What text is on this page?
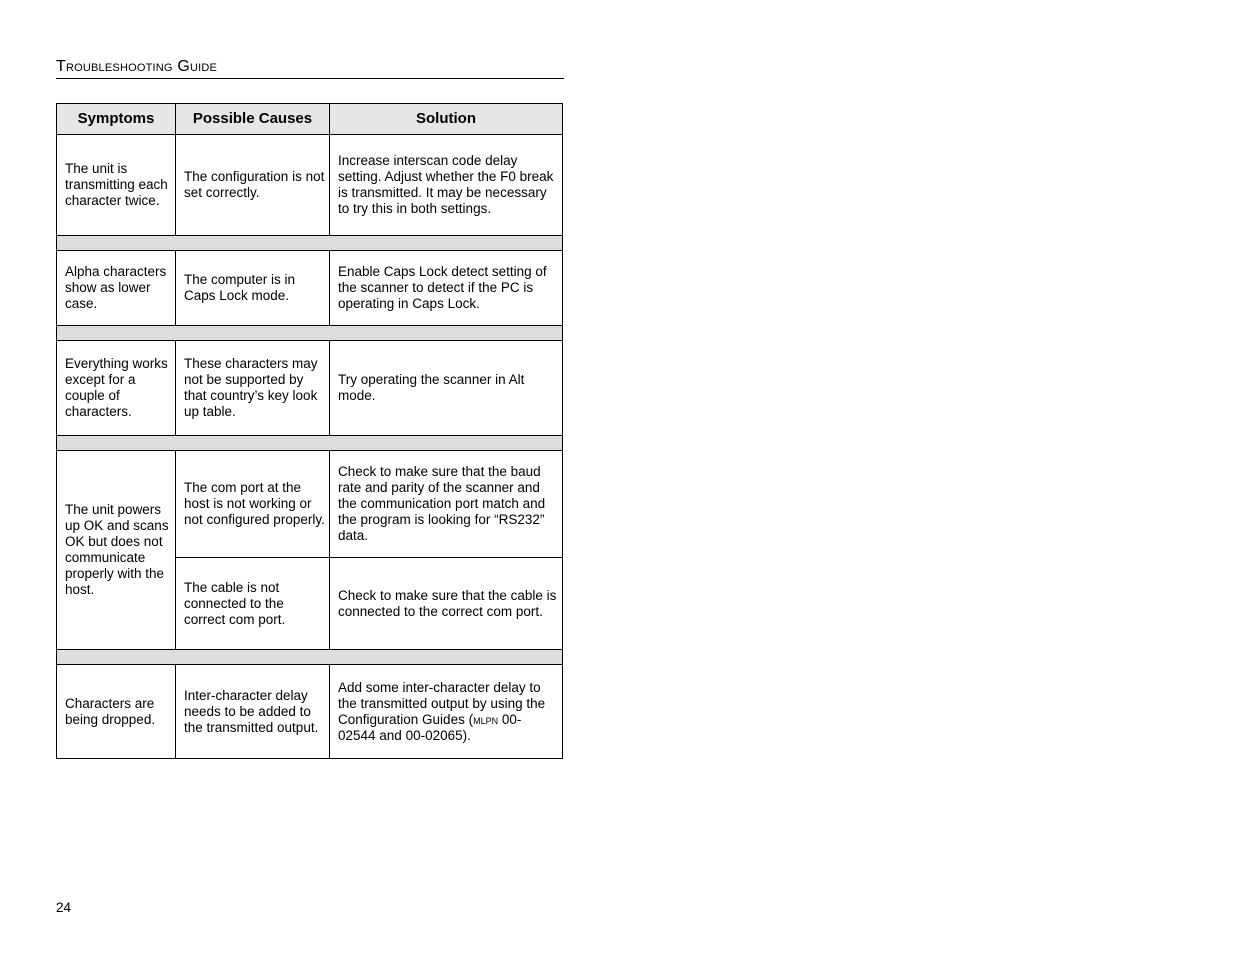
Troubleshooting Guide
Symptoms	Possible Causes	Solution
The unit is transmitting each character twice.	The configuration is not set correctly.	Increase interscan code delay setting. Adjust whether the F0 break is transmitted. It may be necessary to try this in both settings.

Alpha characters show as lower case.	The computer is in Caps Lock mode.	Enable Caps Lock detect setting of the scanner to detect if the PC is operating in Caps Lock.

Everything works except for a couple of characters.	These characters may not be supported by that country’s key look up table.	Try operating the scanner in Alt mode.

The unit powers up OK and scans OK but does not communicate properly with the host.	The com port at the host is not working or not configured properly.	Check to make sure that the baud rate and parity of the scanner and the communication port match and the program is looking for “RS232” data.
	The cable is not connected to the correct com port.	Check to make sure that the cable is connected to the correct com port.

Characters are being dropped.	Inter-character delay needs to be added to the transmitted output.	Add some inter-character delay to the transmitted output by using the Configuration Guides (mlpn 00-02544 and 00-02065).
24
